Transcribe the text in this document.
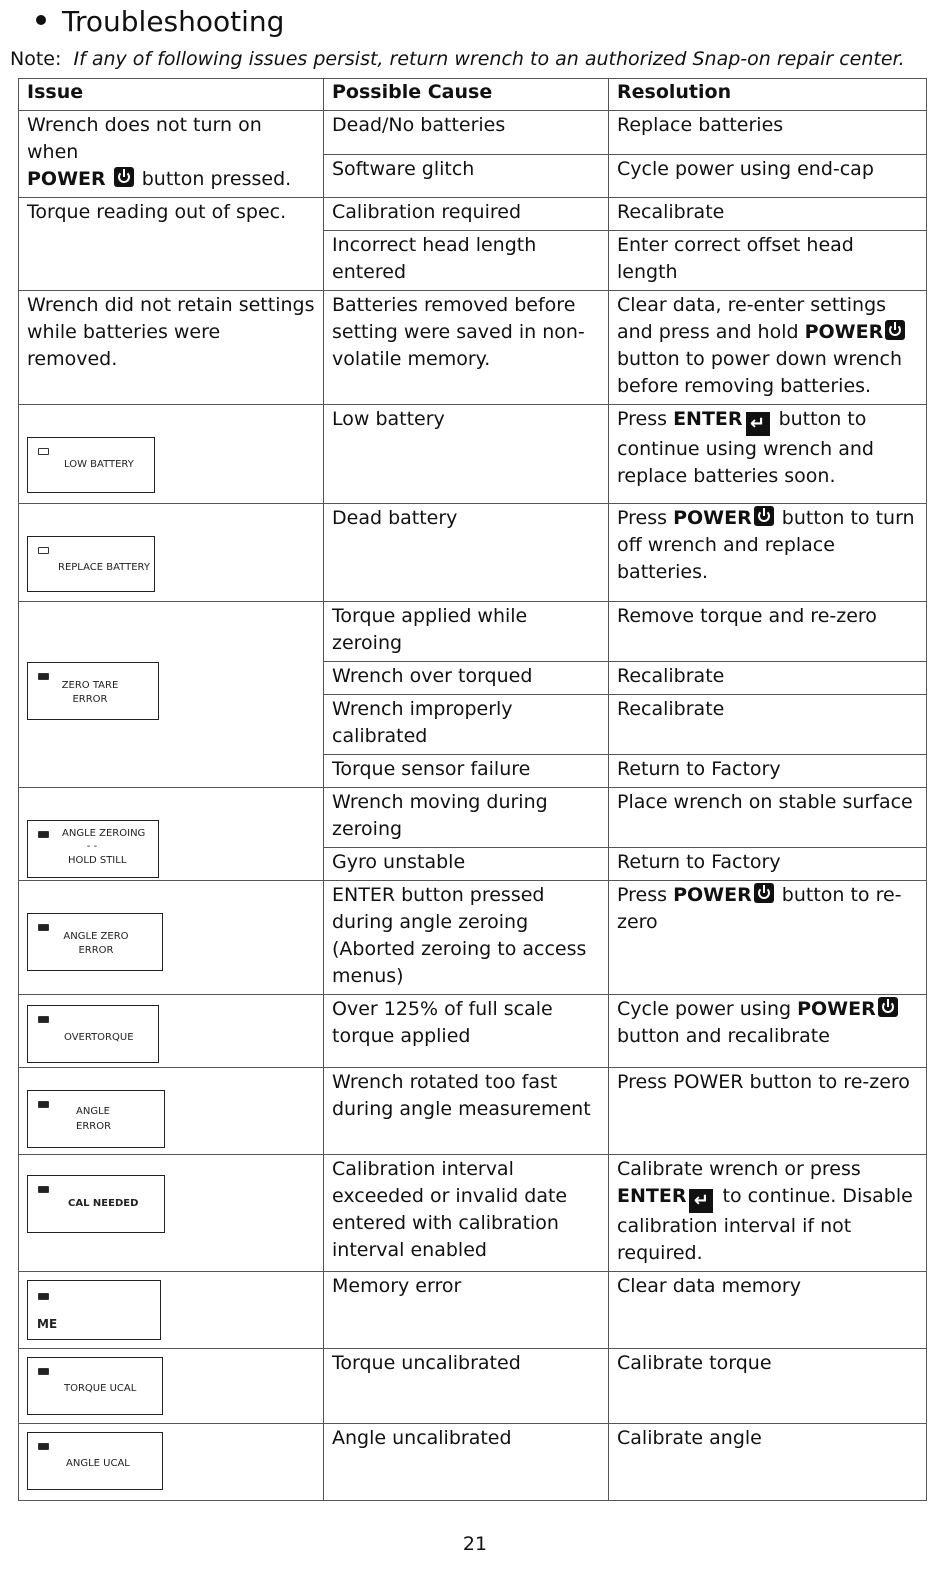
Troubleshooting
Note: If any of following issues persist, return wrench to an authorized Snap-on repair center.
Issue	Possible Cause	Resolution
Wrench does not turn on when
POWER button pressed.	Dead/No batteries	Replace batteries
	Software glitch	Cycle power using end-cap
Torque reading out of spec.	Calibration required	Recalibrate
	Incorrect head length entered	Enter correct offset head length
Wrench did not retain settings while batteries were removed.	Batteries removed before setting were saved in non-volatile memory.	Clear data, re-enter settings and press and hold POWER button to power down wrench before removing batteries.

LOW BATTERY	Low battery	Press ENTER ↵ button to continue using wrench and replace batteries soon.

REPLACE BATTERY	Dead battery	Press POWER button to turn off wrench and replace batteries.

ZERO TARE
ERROR	Torque applied while zeroing	Remove torque and re-zero
	Wrench over torqued	Recalibrate
	Wrench improperly calibrated	Recalibrate
	Torque sensor failure	Return to Factory

ANGLE ZEROING
- -
HOLD STILL	Wrench moving during zeroing	Place wrench on stable surface
	Gyro unstable	Return to Factory

ANGLE ZERO
ERROR	ENTER button pressed during angle zeroing (Aborted zeroing to access menus)	Press POWER button to re-zero

OVERTORQUE	Over 125% of full scale torque applied	Cycle power using POWER button and recalibrate

ANGLE
ERROR	Wrench rotated too fast during angle measurement	Press POWER button to re-zero

CAL NEEDED	Calibration interval exceeded or invalid date entered with calibration interval enabled	Calibrate wrench or press
ENTER ↵ to continue. Disable calibration interval if not required.

ME	Memory error	Clear data memory

TORQUE UCAL	Torque uncalibrated	Calibrate torque

ANGLE UCAL	Angle uncalibrated	Calibrate angle
21
